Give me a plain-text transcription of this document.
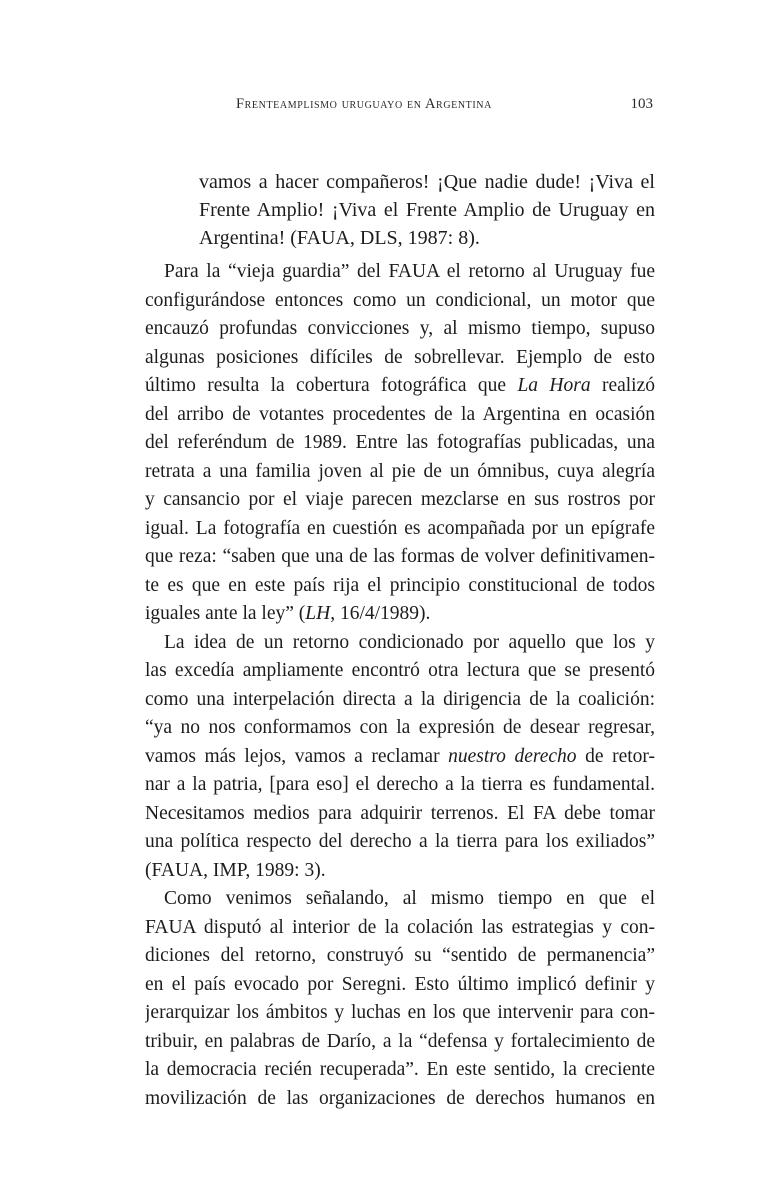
Frenteamplismo uruguayo en Argentina	103
vamos a hacer compañeros! ¡Que nadie dude! ¡Viva el
Frente Amplio! ¡Viva el Frente Amplio de Uruguay en
Argentina! (FAUA, DLS, 1987: 8).
Para la “vieja guardia” del FAUA el retorno al Uruguay fue
configurándose entonces como un condicional, un motor que
encauzó profundas convicciones y, al mismo tiempo, supuso
algunas posiciones difíciles de sobrellevar. Ejemplo de esto
último resulta la cobertura fotográfica que La Hora realizó
del arribo de votantes procedentes de la Argentina en ocasión
del referéndum de 1989. Entre las fotografías publicadas, una
retrata a una familia joven al pie de un ómnibus, cuya alegría
y cansancio por el viaje parecen mezclarse en sus rostros por
igual. La fotografía en cuestión es acompañada por un epígrafe
que reza: “saben que una de las formas de volver definitivamen-
te es que en este país rija el principio constitucional de todos
iguales ante la ley” (LH, 16/4/1989).
La idea de un retorno condicionado por aquello que los y
las excedía ampliamente encontró otra lectura que se presentó
como una interpelación directa a la dirigencia de la coalición:
“ya no nos conformamos con la expresión de desear regresar,
vamos más lejos, vamos a reclamar nuestro derecho de retor-
nar a la patria, [para eso] el derecho a la tierra es fundamental.
Necesitamos medios para adquirir terrenos. El FA debe tomar
una política respecto del derecho a la tierra para los exiliados”
(FAUA, IMP, 1989: 3).
Como venimos señalando, al mismo tiempo en que el
FAUA disputó al interior de la colación las estrategias y con-
diciones del retorno, construyó su “sentido de permanencia”
en el país evocado por Seregni. Esto último implicó definir y
jerarquizar los ámbitos y luchas en los que intervenir para con-
tribuir, en palabras de Darío, a la “defensa y fortalecimiento de
la democracia recién recuperada”. En este sentido, la creciente
movilización de las organizaciones de derechos humanos en
